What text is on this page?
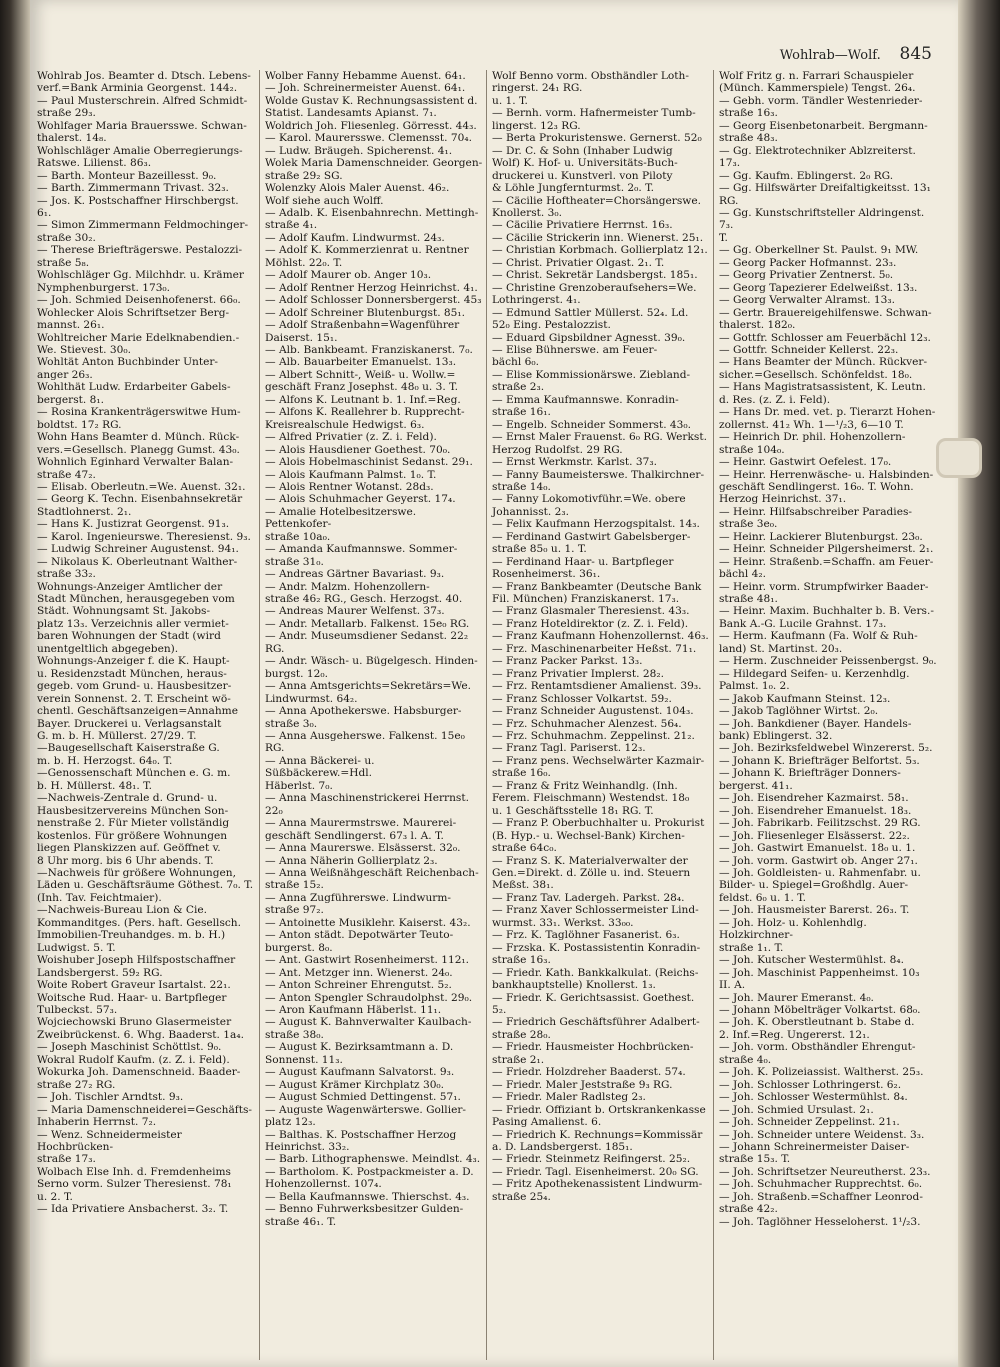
Wohlrab—Wolf. 845
Wohlrab Jos. Beamter d. Dtsch. Lebens-
verf.=Bank Arminia Georgenst. 144₂.
— Paul Musterschrein. Alfred Schmidt-
straße 29₃.
Wohlfager Maria Brauersswe. Schwan-
thalerst. 14₈.
Wohlschläger Amalie Oberregierungs-
Ratswe. Lilienst. 86₃.
— Barth. Monteur Bazeillesst. 9₀.
— Barth. Zimmermann Trivast. 32₃.
— Jos. K. Postschaffner Hirschbergst. 6₁.
— Simon Zimmermann Feldmochinger-
straße 30₂.
— Therese Briefträgerswe. Pestalozzi-
straße 5₈.
Wohlschläger Gg. Milchhdr. u. Krämer
Nymphenburgerst. 173₀.
— Joh. Schmied Deisenhofenerst. 66₀.
Wohlecker Alois Schriftsetzer Berg-
mannst. 26₁.
Wohltreicher Marie Edelknabendien.-
We. Stievest. 30₀.
Wohltät Anton Buchbinder Unter-
anger 26₃.
Wohlthät Ludw. Erdarbeiter Gabels-
bergerst. 8₁.
— Rosina Krankenträgerswitwe Hum-
boldtst. 17₂ RG.
Wohn Hans Beamter d. Münch. Rück-
vers.=Gesellsch. Planegg Gumst. 43₀.
Wohnlich Eginhard Verwalter Balan-
straße 47₂.
— Elisab. Oberleutn.=We. Auenst. 32₁.
— Georg K. Techn. Eisenbahnsekretär
Stadtlohnerst. 2₁.
— Hans K. Justizrat Georgenst. 91₃.
— Karol. Ingenieurswe. Theresienst. 9₃.
— Ludwig Schreiner Augustenst. 94₁.
— Nikolaus K. Oberleutnant Walther-
straße 33₂.
Wohnungs-Anzeiger Amtlicher der
Stadt München, herausgegeben vom
Städt. Wohnungsamt St. Jakobs-
platz 13₃. Verzeichnis aller vermiet-
baren Wohnungen der Stadt (wird
unentgeltlich abgegeben).
Wohnungs-Anzeiger f. die K. Haupt-
u. Residenzstadt München, heraus-
gegeb. vom Grund- u. Hausbesitzer-
verein Sonnenst. 2. T. Erscheint wö-
chentl. Geschäftsanzeigen=Annahme
Bayer. Druckerei u. Verlagsanstalt
G. m. b. H. Müllerst. 27/29. T.
—Baugesellschaft Kaiserstraße G.
m. b. H. Herzogst. 64₀. T.
—Genossenschaft München e. G. m.
b. H. Müllerst. 48₁. T.
—Nachweis-Zentrale d. Grund- u.
Hausbesitzervereins München Son-
nenstraße 2. Für Mieter vollständig
kostenlos. Für größere Wohnungen
liegen Planskizzen auf. Geöffnet v.
8 Uhr morg. bis 6 Uhr abends. T.
—Nachweis für größere Wohnungen,
Läden u. Geschäftsräume Göthest. 7₀. T.
(Inh. Tav. Feichtmaier).
—Nachweis-Bureau Lion & Cie.
Kommanditges. (Pers. haft. Gesellsch.
Immobilien-Treuhandges. m. b. H.)
Ludwigst. 5. T.
Woishuber Joseph Hilfspostschaffner
Landsbergerst. 59₂ RG.
Woite Robert Graveur Isartalst. 22₁.
Woitsche Rud. Haar- u. Bartpfleger
Tulbeckst. 57₃.
Wojciechowski Bruno Glasermeister
Zweibrückenst. 6. Whg. Baaderst. 1a₄.
— Joseph Maschinist Schöttlst. 9₀.
Wokral Rudolf Kaufm. (z. Z. i. Feld).
Wokurka Joh. Damenschneid. Baader-
straße 27₂ RG.
— Joh. Tischler Arndtst. 9₃.
— Maria Damenschneiderei=Geschäfts-
Inhaberin Herrnst. 7₂.
— Wenz. Schneidermeister Hochbrücken-
straße 17₃.
Wolbach Else Inh. d. Fremdenheims
Serno vorm. Sulzer Theresienst. 78₁
u. 2. T.
— Ida Privatiere Ansbacherst. 3₂. T.
Wolber Fanny Hebamme Auenst. 64₁.
— Joh. Schreinermeister Auenst. 64₁.
Wolde Gustav K. Rechnungsassistent d.
Statist. Landesamts Apianst. 7₁.
Woldrich Joh. Fliesenleg. Görresst. 44₃.
— Karol. Maurersswe. Clemensst. 70₄.
— Ludw. Bräugeh. Spicherenst. 4₁.
Wolek Maria Damenschneider. Georgen-
straße 29₂ SG.
Wolenzky Alois Maler Auenst. 46₂.
Wolf siehe auch Wolff.
— Adalb. K. Eisenbahnrechn. Mettingh-
straße 4₁.
— Adolf Kaufm. Lindwurmst. 24₃.
— Adolf K. Kommerzienrat u. Rentner
Möhlst. 22₀. T.
— Adolf Maurer ob. Anger 10₃.
— Adolf Rentner Herzog Heinrichst. 4₁.
— Adolf Schlosser Donnersbergerst. 45₃
— Adolf Schreiner Blutenburgst. 85₁.
— Adolf Straßenbahn=Wagenführer
Daiserst. 15₁.
— Alb. Bankbeamt. Franziskanerst. 7₀.
— Alb. Bauarbeiter Emanuelst. 13₃.
— Albert Schnitt-, Weiß- u. Wollw.=
geschäft Franz Josephst. 48₀ u. 3. T.
— Alfons K. Leutnant b. 1. Inf.=Reg.
— Alfons K. Reallehrer b. Rupprecht-
Kreisrealschule Hedwigst. 6₃.
— Alfred Privatier (z. Z. i. Feld).
— Alois Hausdiener Goethest. 70₀.
— Alois Hobelmaschinist Sedanst. 29₁.
— Alois Kaufmann Palmst. 1₀. T.
— Alois Rentner Wotanst. 28d₃.
— Alois Schuhmacher Geyerst. 17₄.
— Amalie Hotelbesitzerswe. Pettenkofer-
straße 10a₀.
— Amanda Kaufmannswe. Sommer-
straße 31₀.
— Andreas Gärtner Bavariast. 9₃.
— Andr. Malzm. Hohenzollern-
straße 46₂ RG., Gesch. Herzogst. 40.
— Andreas Maurer Welfenst. 37₃.
— Andr. Metallarb. Falkenst. 15e₀ RG.
— Andr. Museumsdiener Sedanst. 22₂
RG.
— Andr. Wäsch- u. Bügelgesch. Hinden-
burgst. 12₀.
— Anna Amtsgerichts=Sekretärs=We.
Lindwurmst. 64₂.
— Anna Apothekerswe. Habsburger-
straße 3₀.
— Anna Ausgeherswe. Falkenst. 15e₀
RG.
— Anna Bäckerei- u. Süßbäckerew.=Hdl.
Häberlst. 7₀.
— Anna Maschinenstrickerei Herrnst. 22₀
— Anna Maurermstrswe. Maurerei-
geschäft Sendlingerst. 67₃ l. A. T.
— Anna Maurerswe. Elsässerst. 32₀.
— Anna Näherin Gollierplatz 2₃.
— Anna Weißnähgeschäft Reichenbach-
straße 15₂.
— Anna Zugführerswe. Lindwurm-
straße 97₂.
— Antoinette Musiklehr. Kaiserst. 43₂.
— Anton städt. Depotwärter Teuto-
burgerst. 8₀.
— Ant. Gastwirt Rosenheimerst. 112₁.
— Ant. Metzger inn. Wienerst. 24₀.
— Anton Schreiner Ehrengutst. 5₂.
— Anton Spengler Schraudolphst. 29₀.
— Aron Kaufmann Häberlst. 11₁.
— August K. Bahnverwalter Kaulbach-
straße 38₀.
— August K. Bezirksamtmann a. D.
Sonnenst. 11₃.
— August Kaufmann Salvatorst. 9₃.
— August Krämer Kirchplatz 30₀.
— August Schmied Dettingenst. 57₁.
— Auguste Wagenwärterswe. Gollier-
platz 12₃.
— Balthas. K. Postschaffner Herzog
Heinrichst. 33₂.
— Barb. Lithographenswe. Meindlst. 4₃.
— Bartholom. K. Postpackmeister a. D.
Hohenzollernst. 107₄.
— Bella Kaufmannswe. Thierschst. 4₃.
— Benno Fuhrwerksbesitzer Gulden-
straße 46₁. T.
Wolf Benno vorm. Obsthändler Loth-
ringerst. 24₁ RG.
u. 1. T.
— Bernh. vorm. Hafnermeister Tumb-
lingerst. 12₃ RG.
— Berta Prokuristenswe. Gernerst. 52₀
— Dr. C. & Sohn (Inhaber Ludwig
Wolf) K. Hof- u. Universitäts-Buch-
druckerei u. Kunstverl. von Piloty
& Löhle Jungfernturmst. 2₀. T.
— Cäcilie Hoftheater=Chorsängerswe.
Knollerst. 3₀.
— Cäcilie Privatiere Herrnst. 16₃.
— Cäcilie Strickerin inn. Wienerst. 25₁.
— Christian Korbmach. Gollierplatz 12₁.
— Christ. Privatier Olgast. 2₁. T.
— Christ. Sekretär Landsbergst. 185₁.
— Christine Grenzoberaufsehers=We.
Lothringerst. 4₁.
— Edmund Sattler Müllerst. 52₄. Ld.
52₀ Eing. Pestalozzist.
— Eduard Gipsbildner Agnesst. 39₀.
— Elise Bühnerswe. am Feuer-
bächl 6₀.
— Elise Kommissionärswe. Ziebland-
straße 2₃.
— Emma Kaufmannswe. Konradin-
straße 16₁.
— Engelb. Schneider Sommerst. 43₀.
— Ernst Maler Frauenst. 6₀ RG. Werkst.
Herzog Rudolfst. 29 RG.
— Ernst Werkmstr. Karlst. 37₃.
— Fanny Baumeisterswe. Thalkirchner-
straße 14₀.
— Fanny Lokomotivführ.=We. obere
Johannisst. 2₃.
— Felix Kaufmann Herzogspitalst. 14₃.
— Ferdinand Gastwirt Gabelsberger-
straße 85₀ u. 1. T.
— Ferdinand Haar- u. Bartpfleger
Rosenheimerst. 36₁.
— Franz Bankbeamter (Deutsche Bank
Fil. München) Franziskanerst. 17₃.
— Franz Glasmaler Theresienst. 43₃.
— Franz Hoteldirektor (z. Z. i. Feld).
— Franz Kaufmann Hohenzollernst. 46₃.
— Frz. Maschinenarbeiter Heßst. 71₁.
— Franz Packer Parkst. 13₃.
— Franz Privatier Implerst. 28₂.
— Frz. Rentamtsdiener Amalienst. 39₃.
— Franz Schlosser Volkartst. 59₂.
— Franz Schneider Augustenst. 104₃.
— Frz. Schuhmacher Alenzest. 56₄.
— Frz. Schuhmachm. Zeppelinst. 21₂.
— Franz Tagl. Pariserst. 12₃.
— Franz pens. Wechselwärter Kazmair-
straße 16₀.
— Franz & Fritz Weinhandlg. (Inh.
Ferem. Fleischmann) Westendst. 18₀
u. 1 Geschäftsstelle 18₁ RG. T.
— Franz P. Oberbuchhalter u. Prokurist
(B. Hyp.- u. Wechsel-Bank) Kirchen-
straße 64c₀.
— Franz S. K. Materialverwalter der
Gen.=Direkt. d. Zölle u. ind. Steuern
Meßst. 38₁.
— Franz Tav. Ladergeh. Parkst. 28₄.
— Franz Xaver Schlossermeister Lind-
wurmst. 33₁. Werkst. 33₀₀.
— Frz. K. Taglöhner Fasanerist. 6₃.
— Frzska. K. Postassistentin Konradin-
straße 16₃.
— Friedr. Kath. Bankkalkulat. (Reichs-
bankhauptstelle) Knollerst. 1₃.
— Friedr. K. Gerichtsassist. Goethest. 5₂.
— Friedrich Geschäftsführer Adalbert-
straße 28₀.
— Friedr. Hausmeister Hochbrücken-
straße 2₁.
— Friedr. Holzdreher Baaderst. 57₄.
— Friedr. Maler Jeststraße 9₃ RG.
— Friedr. Maler Radlsteg 2₃.
— Friedr. Offiziant b. Ortskrankenkasse
Pasing Amalienst. 6.
— Friedrich K. Rechnungs=Kommissär
a. D. Landsbergerst. 185₁.
— Friedr. Steinmetz Reifingerst. 25₂.
— Friedr. Tagl. Eisenheimerst. 20₀ SG.
— Fritz Apothekenassistent Lindwurm-
straße 25₄.
Wolf Fritz g. n. Farrari Schauspieler
(Münch. Kammerspiele) Tengst. 26₄.
— Gebh. vorm. Tändler Westenrieder-
straße 16₃.
— Georg Eisenbetonarbeit. Bergmann-
straße 48₃.
— Gg. Elektrotechniker Ablzreiterst. 17₃.
— Gg. Kaufm. Eblingerst. 2₀ RG.
— Gg. Hilfswärter Dreifaltigkeitsst. 13₁
RG.
— Gg. Kunstschriftsteller Aldringenst. 7₃.
T.
— Gg. Oberkellner St. Paulst. 9₁ MW.
— Georg Packer Hofmannst. 23₃.
— Georg Privatier Zentnerst. 5₀.
— Georg Tapezierer Edelweißst. 13₃.
— Georg Verwalter Alramst. 13₃.
— Gertr. Brauereigehilfenswe. Schwan-
thalerst. 182₀.
— Gottfr. Schlosser am Feuerbächl 12₃.
— Gottfr. Schneider Kellerst. 22₃.
— Hans Beamter der Münch. Rückver-
sicher.=Gesellsch. Schönfeldst. 18₀.
— Hans Magistratsassistent, K. Leutn.
d. Res. (z. Z. i. Feld).
— Hans Dr. med. vet. p. Tierarzt Hohen-
zollernst. 41₂ Wh. 1—¹/₂3, 6—10 T.
— Heinrich Dr. phil. Hohenzollern-
straße 104₀.
— Heinr. Gastwirt Oefelest. 17₀.
— Heinr. Herrenwäsche- u. Halsbinden-
geschäft Sendlingerst. 16₀. T. Wohn.
Herzog Heinrichst. 37₁.
— Heinr. Hilfsabschreiber Paradies-
straße 3e₀.
— Heinr. Lackierer Blutenburgst. 23₀.
— Heinr. Schneider Pilgersheimerst. 2₁.
— Heinr. Straßenb.=Schaffn. am Feuer-
bächl 4₂.
— Heinr. vorm. Strumpfwirker Baader-
straße 48₁.
— Heinr. Maxim. Buchhalter b. B. Vers.-
Bank A.-G. Lucile Grahnst. 17₃.
— Herm. Kaufmann (Fa. Wolf & Ruh-
land) St. Martinst. 20₃.
— Herm. Zuschneider Peissenbergst. 9₀.
— Hildegard Seifen- u. Kerzenhdlg.
Palmst. 1₀. 2.
— Jakob Kaufmann Steinst. 12₃.
— Jakob Taglöhner Wirtst. 2₀.
— Joh. Bankdiener (Bayer. Handels-
bank) Eblingerst. 32.
— Joh. Bezirksfeldwebel Winzererst. 5₂.
— Johann K. Briefträger Belfortst. 5₃.
— Johann K. Briefträger Donners-
bergerst. 41₁.
— Joh. Eisendreher Kazmairst. 58₁.
— Joh. Eisendreher Emanuelst. 18₃.
— Joh. Fabrikarb. Feilitzschst. 29 RG.
— Joh. Fliesenleger Elsässerst. 22₂.
— Joh. Gastwirt Emanuelst. 18₀ u. 1.
— Joh. vorm. Gastwirt ob. Anger 27₁.
— Joh. Goldleisten- u. Rahmenfabr. u.
Bilder- u. Spiegel=Großhdlg. Auer-
feldst. 6₀ u. 1. T.
— Joh. Hausmeister Barerst. 26₃. T.
— Joh. Holz- u. Kohlenhdlg. Holzkirchner-
straße 1₁. T.
— Joh. Kutscher Westermühlst. 8₄.
— Joh. Maschinist Pappenheimst. 10₃
II. A.
— Joh. Maurer Emeranst. 4₀.
— Johann Möbelträger Volkartst. 68₀.
— Joh. K. Oberstleutnant b. Stabe d.
2. Inf.=Reg. Ungererst. 12₁.
— Joh. vorm. Obsthändler Ehrengut-
straße 4₀.
— Joh. K. Polizeiassist. Waltherst. 25₃.
— Joh. Schlosser Lothringerst. 6₂.
— Joh. Schlosser Westermühlst. 8₄.
— Joh. Schmied Ursulast. 2₁.
— Joh. Schneider Zeppelinst. 21₁.
— Joh. Schneider untere Weidenst. 3₃.
— Johann Schreinermeister Daiser-
straße 15₃. T.
— Joh. Schriftsetzer Neureutherst. 23₃.
— Joh. Schuhmacher Rupprechtst. 6₀.
— Joh. Straßenb.=Schaffner Leonrod-
straße 42₂.
— Joh. Taglöhner Hesseloherst. 1¹/₂3.
